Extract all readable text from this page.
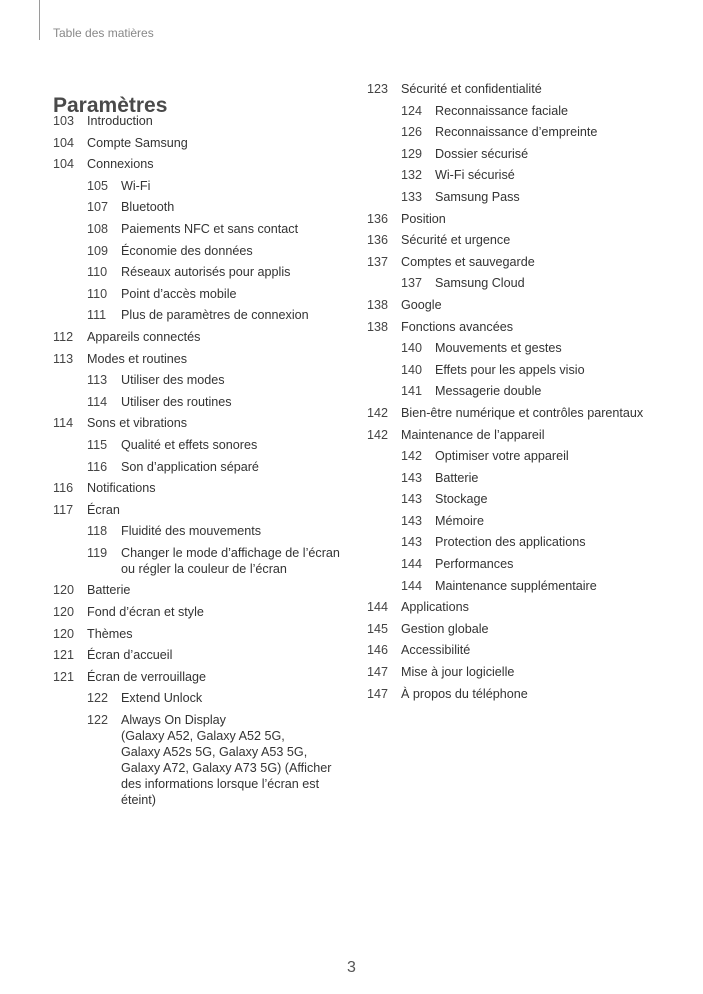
Table des matières
Paramètres
103	Introduction
104	Compte Samsung
104	Connexions
105	Wi-Fi
107	Bluetooth
108	Paiements NFC et sans contact
109	Économie des données
110	Réseaux autorisés pour applis
110	Point d’accès mobile
111	Plus de paramètres de connexion
112	Appareils connectés
113	Modes et routines
113	Utiliser des modes
114	Utiliser des routines
114	Sons et vibrations
115	Qualité et effets sonores
116	Son d’application séparé
116	Notifications
117	Écran
118	Fluidité des mouvements
119	Changer le mode d’affichage de l’écran
ou régler la couleur de l’écran
120	Batterie
120	Fond d’écran et style
120	Thèmes
121	Écran d’accueil
121	Écran de verrouillage
122	Extend Unlock
122	Always On Display
(Galaxy A52, Galaxy A52 5G,
Galaxy A52s 5G, Galaxy A53 5G,
Galaxy A72, Galaxy A73 5G) (Afficher
des informations lorsque l’écran est
éteint)
123	Sécurité et confidentialité
124	Reconnaissance faciale
126	Reconnaissance d’empreinte
129	Dossier sécurisé
132	Wi-Fi sécurisé
133	Samsung Pass
136	Position
136	Sécurité et urgence
137	Comptes et sauvegarde
137	Samsung Cloud
138	Google
138	Fonctions avancées
140	Mouvements et gestes
140	Effets pour les appels visio
141	Messagerie double
142	Bien-être numérique et contrôles parentaux
142	Maintenance de l’appareil
142	Optimiser votre appareil
143	Batterie
143	Stockage
143	Mémoire
143	Protection des applications
144	Performances
144	Maintenance supplémentaire
144	Applications
145	Gestion globale
146	Accessibilité
147	Mise à jour logicielle
147	À propos du téléphone
3
